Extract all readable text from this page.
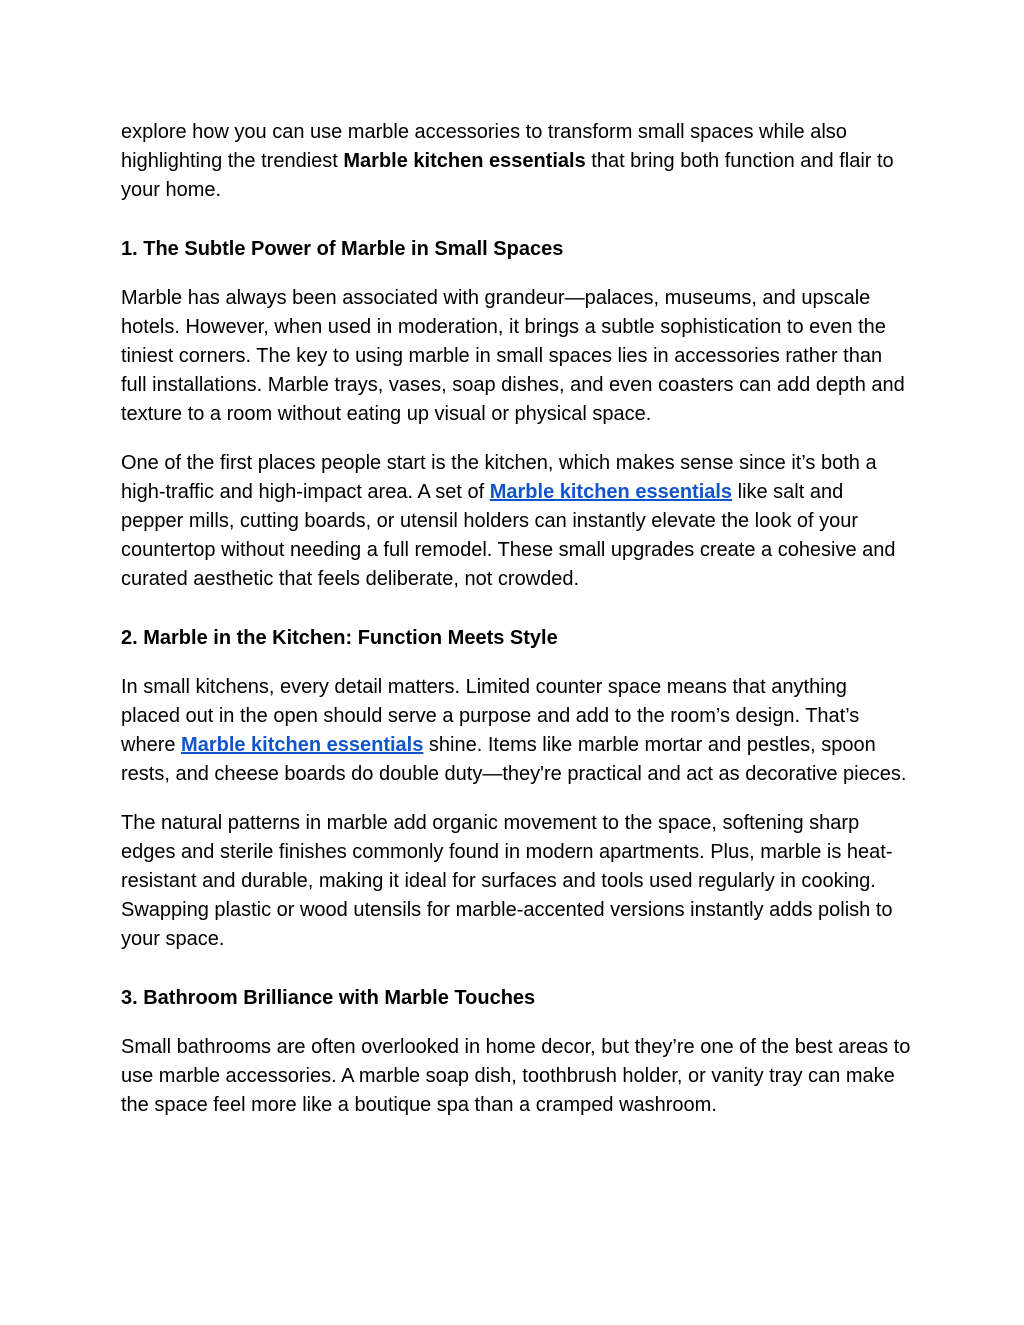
explore how you can use marble accessories to transform small spaces while also highlighting the trendiest Marble kitchen essentials that bring both function and flair to your home.

1. The Subtle Power of Marble in Small Spaces

Marble has always been associated with grandeur—palaces, museums, and upscale hotels. However, when used in moderation, it brings a subtle sophistication to even the tiniest corners. The key to using marble in small spaces lies in accessories rather than full installations. Marble trays, vases, soap dishes, and even coasters can add depth and texture to a room without eating up visual or physical space.

One of the first places people start is the kitchen, which makes sense since it’s both a high-traffic and high-impact area. A set of Marble kitchen essentials like salt and pepper mills, cutting boards, or utensil holders can instantly elevate the look of your countertop without needing a full remodel. These small upgrades create a cohesive and curated aesthetic that feels deliberate, not crowded.

2. Marble in the Kitchen: Function Meets Style

In small kitchens, every detail matters. Limited counter space means that anything placed out in the open should serve a purpose and add to the room’s design. That’s where Marble kitchen essentials shine. Items like marble mortar and pestles, spoon rests, and cheese boards do double duty—they're practical and act as decorative pieces.

The natural patterns in marble add organic movement to the space, softening sharp edges and sterile finishes commonly found in modern apartments. Plus, marble is heat-resistant and durable, making it ideal for surfaces and tools used regularly in cooking. Swapping plastic or wood utensils for marble-accented versions instantly adds polish to your space.

3. Bathroom Brilliance with Marble Touches

Small bathrooms are often overlooked in home decor, but they’re one of the best areas to use marble accessories. A marble soap dish, toothbrush holder, or vanity tray can make the space feel more like a boutique spa than a cramped washroom.
